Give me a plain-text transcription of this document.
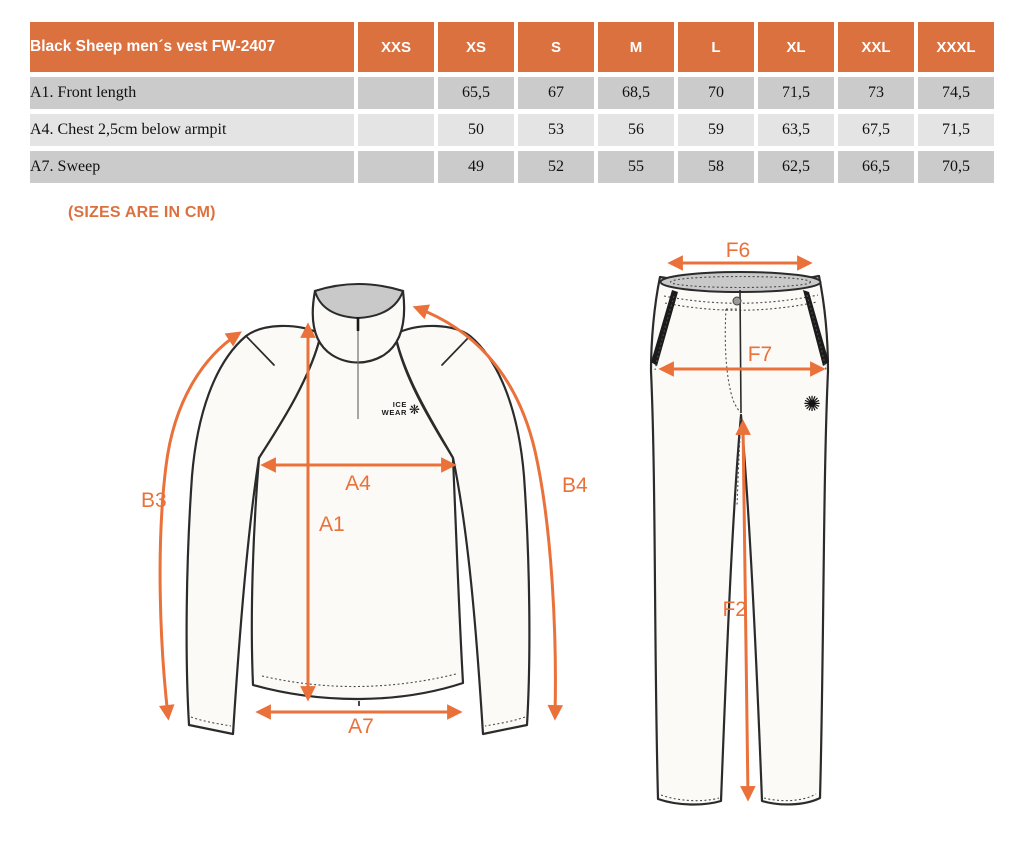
Black Sheep men´s vest FW-2407	XXS	XS	S	M	L	XL	XXL	XXXL
A1. Front length		65,5	67	68,5	70	71,5	73	74,5
A4. Chest 2,5cm below armpit		50	53	56	59	63,5	67,5	71,5
A7. Sweep		49	52	55	58	62,5	66,5	70,5
(SIZES ARE IN CM)
ICE
WEAR ❋
B3
B4
A4
A1
A7
✺
F6
F7
F2
